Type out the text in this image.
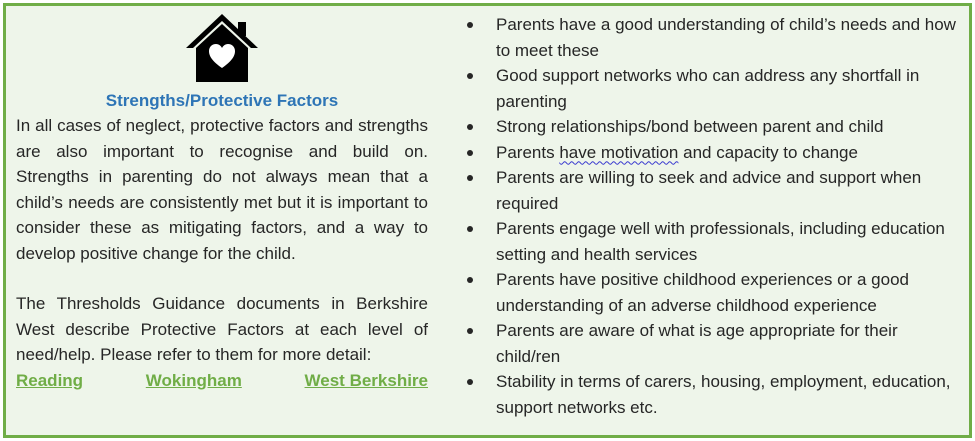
Strengths/Protective Factors

In all cases of neglect, protective factors and strengths are also important to recognise and build on. Strengths in parenting do not always mean that a child’s needs are consistently met but it is important to consider these as mitigating factors, and a way to develop positive change for the child.

The Thresholds Guidance documents in Berkshire West describe Protective Factors at each level of need/help. Please refer to them for more detail:

Reading	Wokingham	West Berkshire
Parents have a good understanding of child’s needs and how to meet these
Good support networks who can address any shortfall in parenting
Strong relationships/bond between parent and child
Parents have motivation and capacity to change
Parents are willing to seek and advice and support when required
Parents engage well with professionals, including education setting and health services
Parents have positive childhood experiences or a good understanding of an adverse childhood experience
Parents are aware of what is age appropriate for their child/ren
Stability in terms of carers, housing, employment, education, support networks etc.
